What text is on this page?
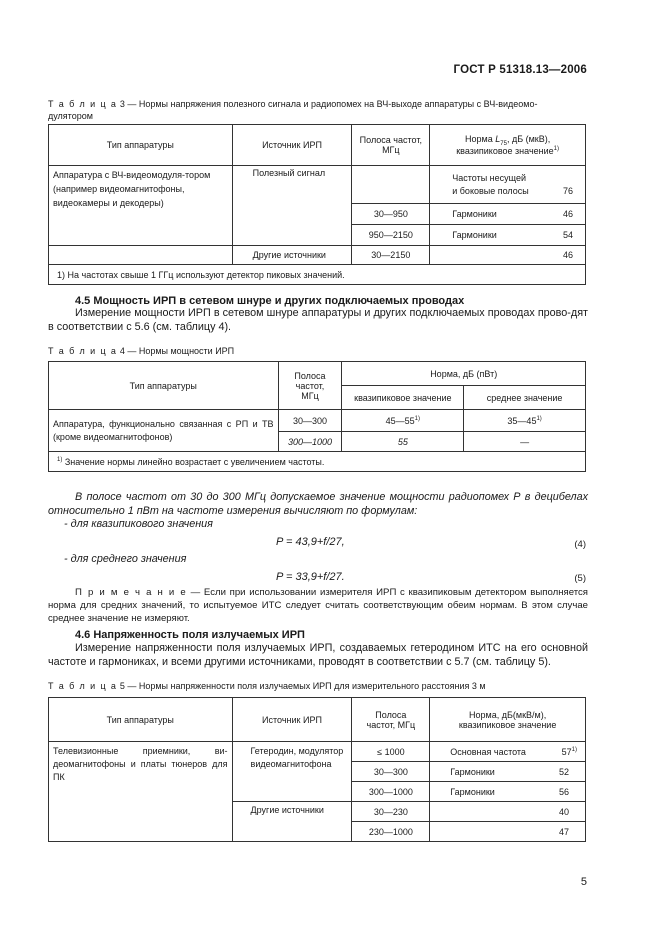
ГОСТ Р 51318.13—2006
Т а б л и ц а 3 — Нормы напряжения полезного сигнала и радиопомех на ВЧ-выходе аппаратуры с ВЧ-видеомо-
дулятором
Тип аппаратуры	Источник ИРП	Полоса частот,
МГц	Норма $L_{75}$, дБ (мкВ),
квазипиковое значение$^{1)}$
Аппаратура с ВЧ-видеомодуля-тором (например видеомагнитофоны, видеокамеры и декодеры)	Полезный сигнал		Частоты несущей
и боковые полосы 76

		30—950	Гармоники 46

		950—2150	Гармоники 54

	Другие источники	30—2150	46

1) На частотах свыше 1 ГГц используют детектор пиковых значений.			
4.5 Мощность ИРП в сетевом шнуре и других подключаемых проводах
Измерение мощности ИРП в сетевом шнуре аппаратуры и других подключаемых проводах прово-дят в соответствии с 5.6 (см. таблицу 4).
Т а б л и ц а 4 — Нормы мощности ИРП
Тип аппаратуры	Полоса частот,
МГц	Норма, дБ (пВт)	
		квазипиковое значение	среднее значение
Аппаратура, функционально связанная с РП и ТВ (кроме видеомагнитофонов)	30—300	45—55$^{1)}$	35—45$^{1)}$
	300—1000	55	—
$^{1)}$ Значение нормы линейно возрастает с увеличением частоты.			
В полосе частот от 30 до 300 МГц допускаемое значение мощности радиопомех Р в децибелах относительно 1 пВт на частоте измерения вычисляют по формулам:
- для квазипикового значения
P = 43,9+f/27,	(4)
- для среднего значения
P = 33,9+f/27.	(5)
П р и м е ч а н и е — Если при использовании измерителя ИРП с квазипиковым детектором выполняется норма для средних значений, то испытуемое ИТС следует считать соответствующим обеим нормам. В этом случае среднее значение не измеряют.
4.6 Напряженность поля излучаемых ИРП
Измерение напряженности поля излучаемых ИРП, создаваемых гетеродином ИТС на его основной частоте и гармониках, и всеми другими источниками, проводят в соответствии с 5.7 (см. таблицу 5).
Т а б л и ц а 5 — Нормы напряженности поля излучаемых ИРП для измерительного расстояния 3 м
Тип аппаратуры	Источник ИРП	Полоса
частот, МГц	Норма, дБ(мкВ/м),
квазипиковое значение
Телевизионные приемники, ви-деомагнитофоны и платы тюнеров для ПК	Гетеродин, модулятор видеомагнитофона	≤ 1000	Основная частота 57$^{1)}$

		30—300	Гармоники 52

		300—1000	Гармоники 56

	Другие источники	30—230	40

		230—1000	47
5
